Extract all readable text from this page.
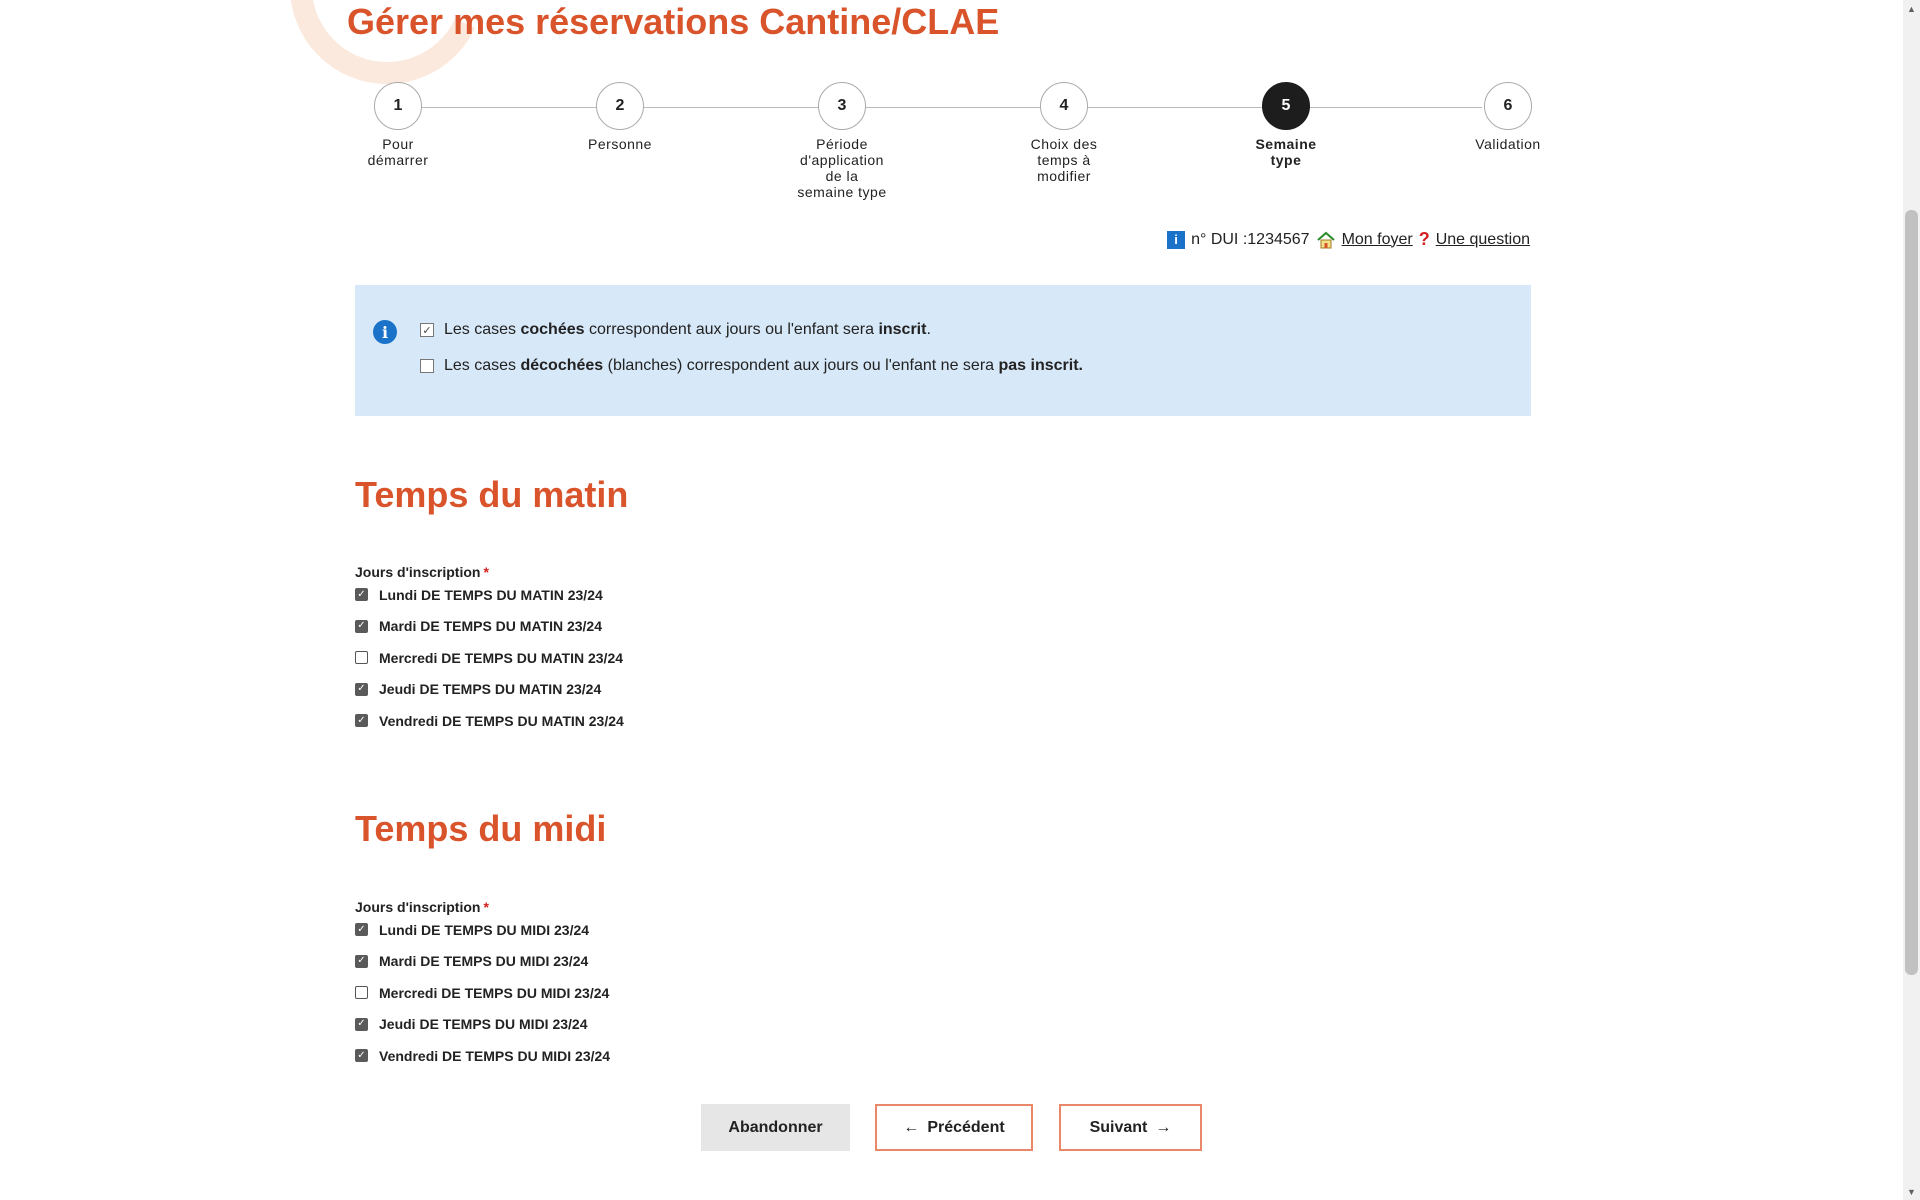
Gérer mes réservations Cantine/CLAE
1
Pour démarrer
2
Personne
3
Période d'application de la semaine type
4
Choix des temps à modifier
5
Semaine type
6
Validation
i n° DUI :1234567 Mon foyer ? Une question
i	✓ Les cases cochées correspondent aux jours ou l'enfant sera inscrit.
Les cases décochées (blanches) correspondent aux jours ou l'enfant ne sera pas inscrit.
Temps du matin
Jours d'inscription *
✓
Lundi DE TEMPS DU MATIN 23/24
✓
Mardi DE TEMPS DU MATIN 23/24
Mercredi DE TEMPS DU MATIN 23/24
✓
Jeudi DE TEMPS DU MATIN 23/24
✓
Vendredi DE TEMPS DU MATIN 23/24
Temps du midi
Jours d'inscription *
✓
Lundi DE TEMPS DU MIDI 23/24
✓
Mardi DE TEMPS DU MIDI 23/24
Mercredi DE TEMPS DU MIDI 23/24
✓
Jeudi DE TEMPS DU MIDI 23/24
✓
Vendredi DE TEMPS DU MIDI 23/24
Abandonner	← Précédent	Suivant →
▲
▼
